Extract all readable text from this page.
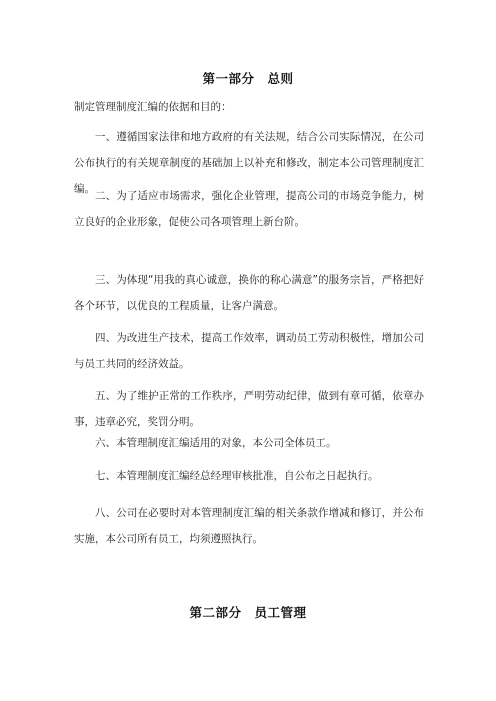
第一部分　总则
制定管理制度汇编的依据和目的：
一、遵循国家法律和地方政府的有关法规，结合公司实际情况，在公司公布执行的有关规章制度的基础加上以补充和修改，制定本公司管理制度汇编。
二、为了适应市场需求，强化企业管理，提高公司的市场竞争能力，树立良好的企业形象，促使公司各项管理上新台阶。
三、为体现“用我的真心诚意，换你的称心满意”的服务宗旨，严格把好各个环节，以优良的工程质量，让客户满意。
四、为改进生产技术，提高工作效率，调动员工劳动积极性，增加公司与员工共同的经济效益。
五、为了维护正常的工作秩序，严明劳动纪律，做到有章可循，依章办事，违章必究，奖罚分明。
六、本管理制度汇编适用的对象，本公司全体员工。
七、本管理制度汇编经总经理审核批准，自公布之日起执行。
八、公司在必要时对本管理制度汇编的相关条款作增减和修订，并公布实施，本公司所有员工，均须遵照执行。
第二部分　员工管理
